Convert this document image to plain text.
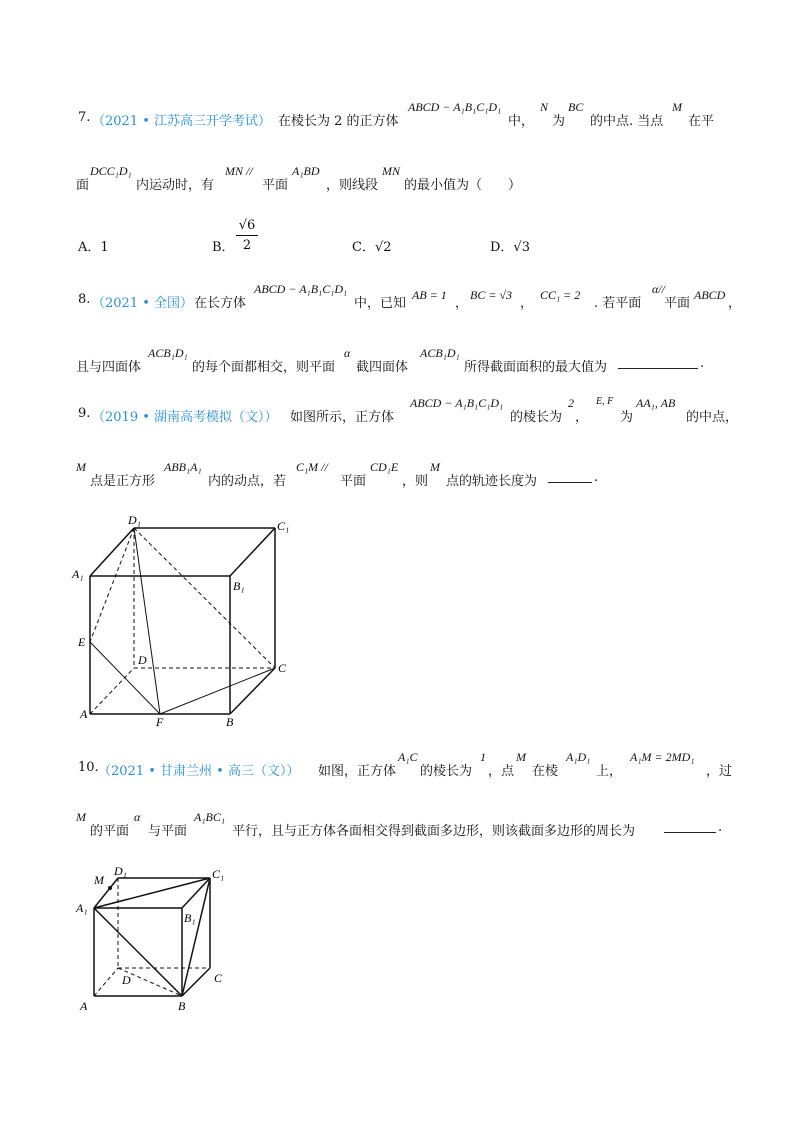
7. （2021 • 江苏高三开学考试） 在棱长为 2 的正方体
ABCD − A₁B₁C₁D₁
中，
N
为
BC
的中点. 当点
M
在平
面
DCC₁D₁
内运动时，有
MN //
平面
A₁BD
，则线段
MN
的最小值为（　　）
A．1	B．
√6
2	C．√2	D．√3
8. （2021 • 全国） 在长方体
ABCD − A₁B₁C₁D₁
中，已知
AB = 1
，
BC = √3
，
CC₁ = 2
. 若平面
α//
平面
ABCD
，
且与四面体
ACB₁D₁
的每个面都相交，则平面
α
截四面体
ACB₁D₁
所得截面面积的最大值为	.
9. （2019 • 湖南高考模拟（文）） 如图所示，正方体
ABCD − A₁B₁C₁D₁
的棱长为
2
，
E, F
为
AA₁, AB
的中点，
M
点是正方形
ABB₁A₁
内的动点，若
C₁M //
平面
CD₁E
，则
M
点的轨迹长度为	.
D₁	C₁
A₁
B₁
E
D
C
A
F	B
10. （2021 • 甘肃兰州 • 高三（文）） 如图，正方体
A₁C
的棱长为
1
，点
M
在棱
A₁D₁
上，
A₁M = 2MD₁
，过
M
的平面
α
与平面
A₁BC₁
平行，且与正方体各面相交得到截面多边形，则该截面多边形的周长为	.
M
D₁	C₁
A₁
B₁
D	C
A	B
